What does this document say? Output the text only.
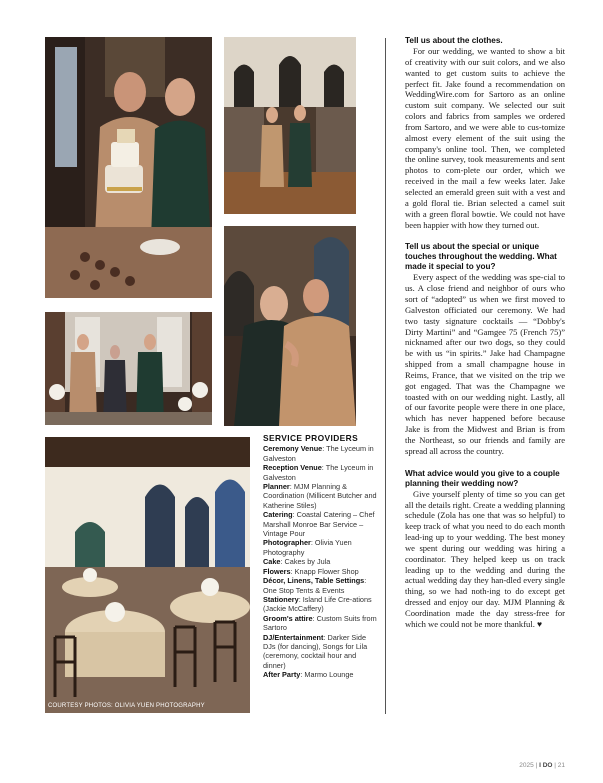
COURTESY PHOTOS: OLIVIA YUEN PHOTOGRAPHY
SERVICE PROVIDERS

Ceremony Venue: The Lyceum in Galveston

Reception Venue: The Lyceum in Galveston

Planner: MJM Planning & Coordination (Millicent Butcher and Katherine Stiles)

Catering: Coastal Catering – Chef Marshall Monroe Bar Service – Vintage Pour

Photographer: Olivia Yuen Photography

Cake: Cakes by Jula

Flowers: Knapp Flower Shop

Décor, Linens, Table Settings: One Stop Tents & Events

Stationery: Island Life Cre-ations (Jackie McCaffery)

Groom's attire: Custom Suits from Sartoro

DJ/Entertainment: Darker Side DJs (for dancing), Songs for Lila (ceremony, cocktail hour and dinner)

After Party: Marmo Lounge

Tell us about the clothes.

For our wedding, we wanted to show a bit of creativity with our suit colors, and we also wanted to get custom suits to achieve the perfect fit. Jake found a recommendation on WeddingWire.com for Sartoro as an online custom suit company. We selected our suit colors and fabrics from samples we ordered from Sartoro, and we were able to cus-tomize almost every element of the suit using the company's online tool. Then, we completed the online survey, took measurements and sent photos to com-plete our order, which we received in the mail a few weeks later. Jake selected an emerald green suit with a vest and a gold floral tie. Brian selected a camel suit with a green floral bowtie. We could not have been happier with how they turned out.

Tell us about the special or unique touches throughout the wedding. What made it special to you?

Every aspect of the wedding was spe-cial to us. A close friend and neighbor of ours who sort of “adopted” us when we first moved to Galveston officiated our ceremony. We had two tasty signature cocktails — “Dobby's Dirty Martini” and “Gamgee 75 (French 75)” nicknamed after our two dogs, so they could be with us “in spirits.” Jake had Champagne shipped from a small champagne house in Reims, France, that we visited on the trip we got engaged. That was the Champagne we toasted with on our wedding night. Lastly, all of our favorite people were there in one place, which has never happened before because Jake is from the Midwest and Brian is from the Northeast, so our friends and family are spread all across the country.

What advice would you give to a couple planning their wedding now?

Give yourself plenty of time so you can get all the details right. Create a wedding planning schedule (Zola has one that was so helpful) to keep track of what you need to do each month lead-ing up to your wedding. The best money we spent during our wedding was hiring a coordinator. They helped keep us on track leading up to the wedding and during the actual wedding day they han-dled every single thing, so we had noth-ing to do except get dressed and enjoy our day. MJM Planning & Coordination made the day stress-free for which we could not be more thankful. ♥

2025 | I DO | 21
